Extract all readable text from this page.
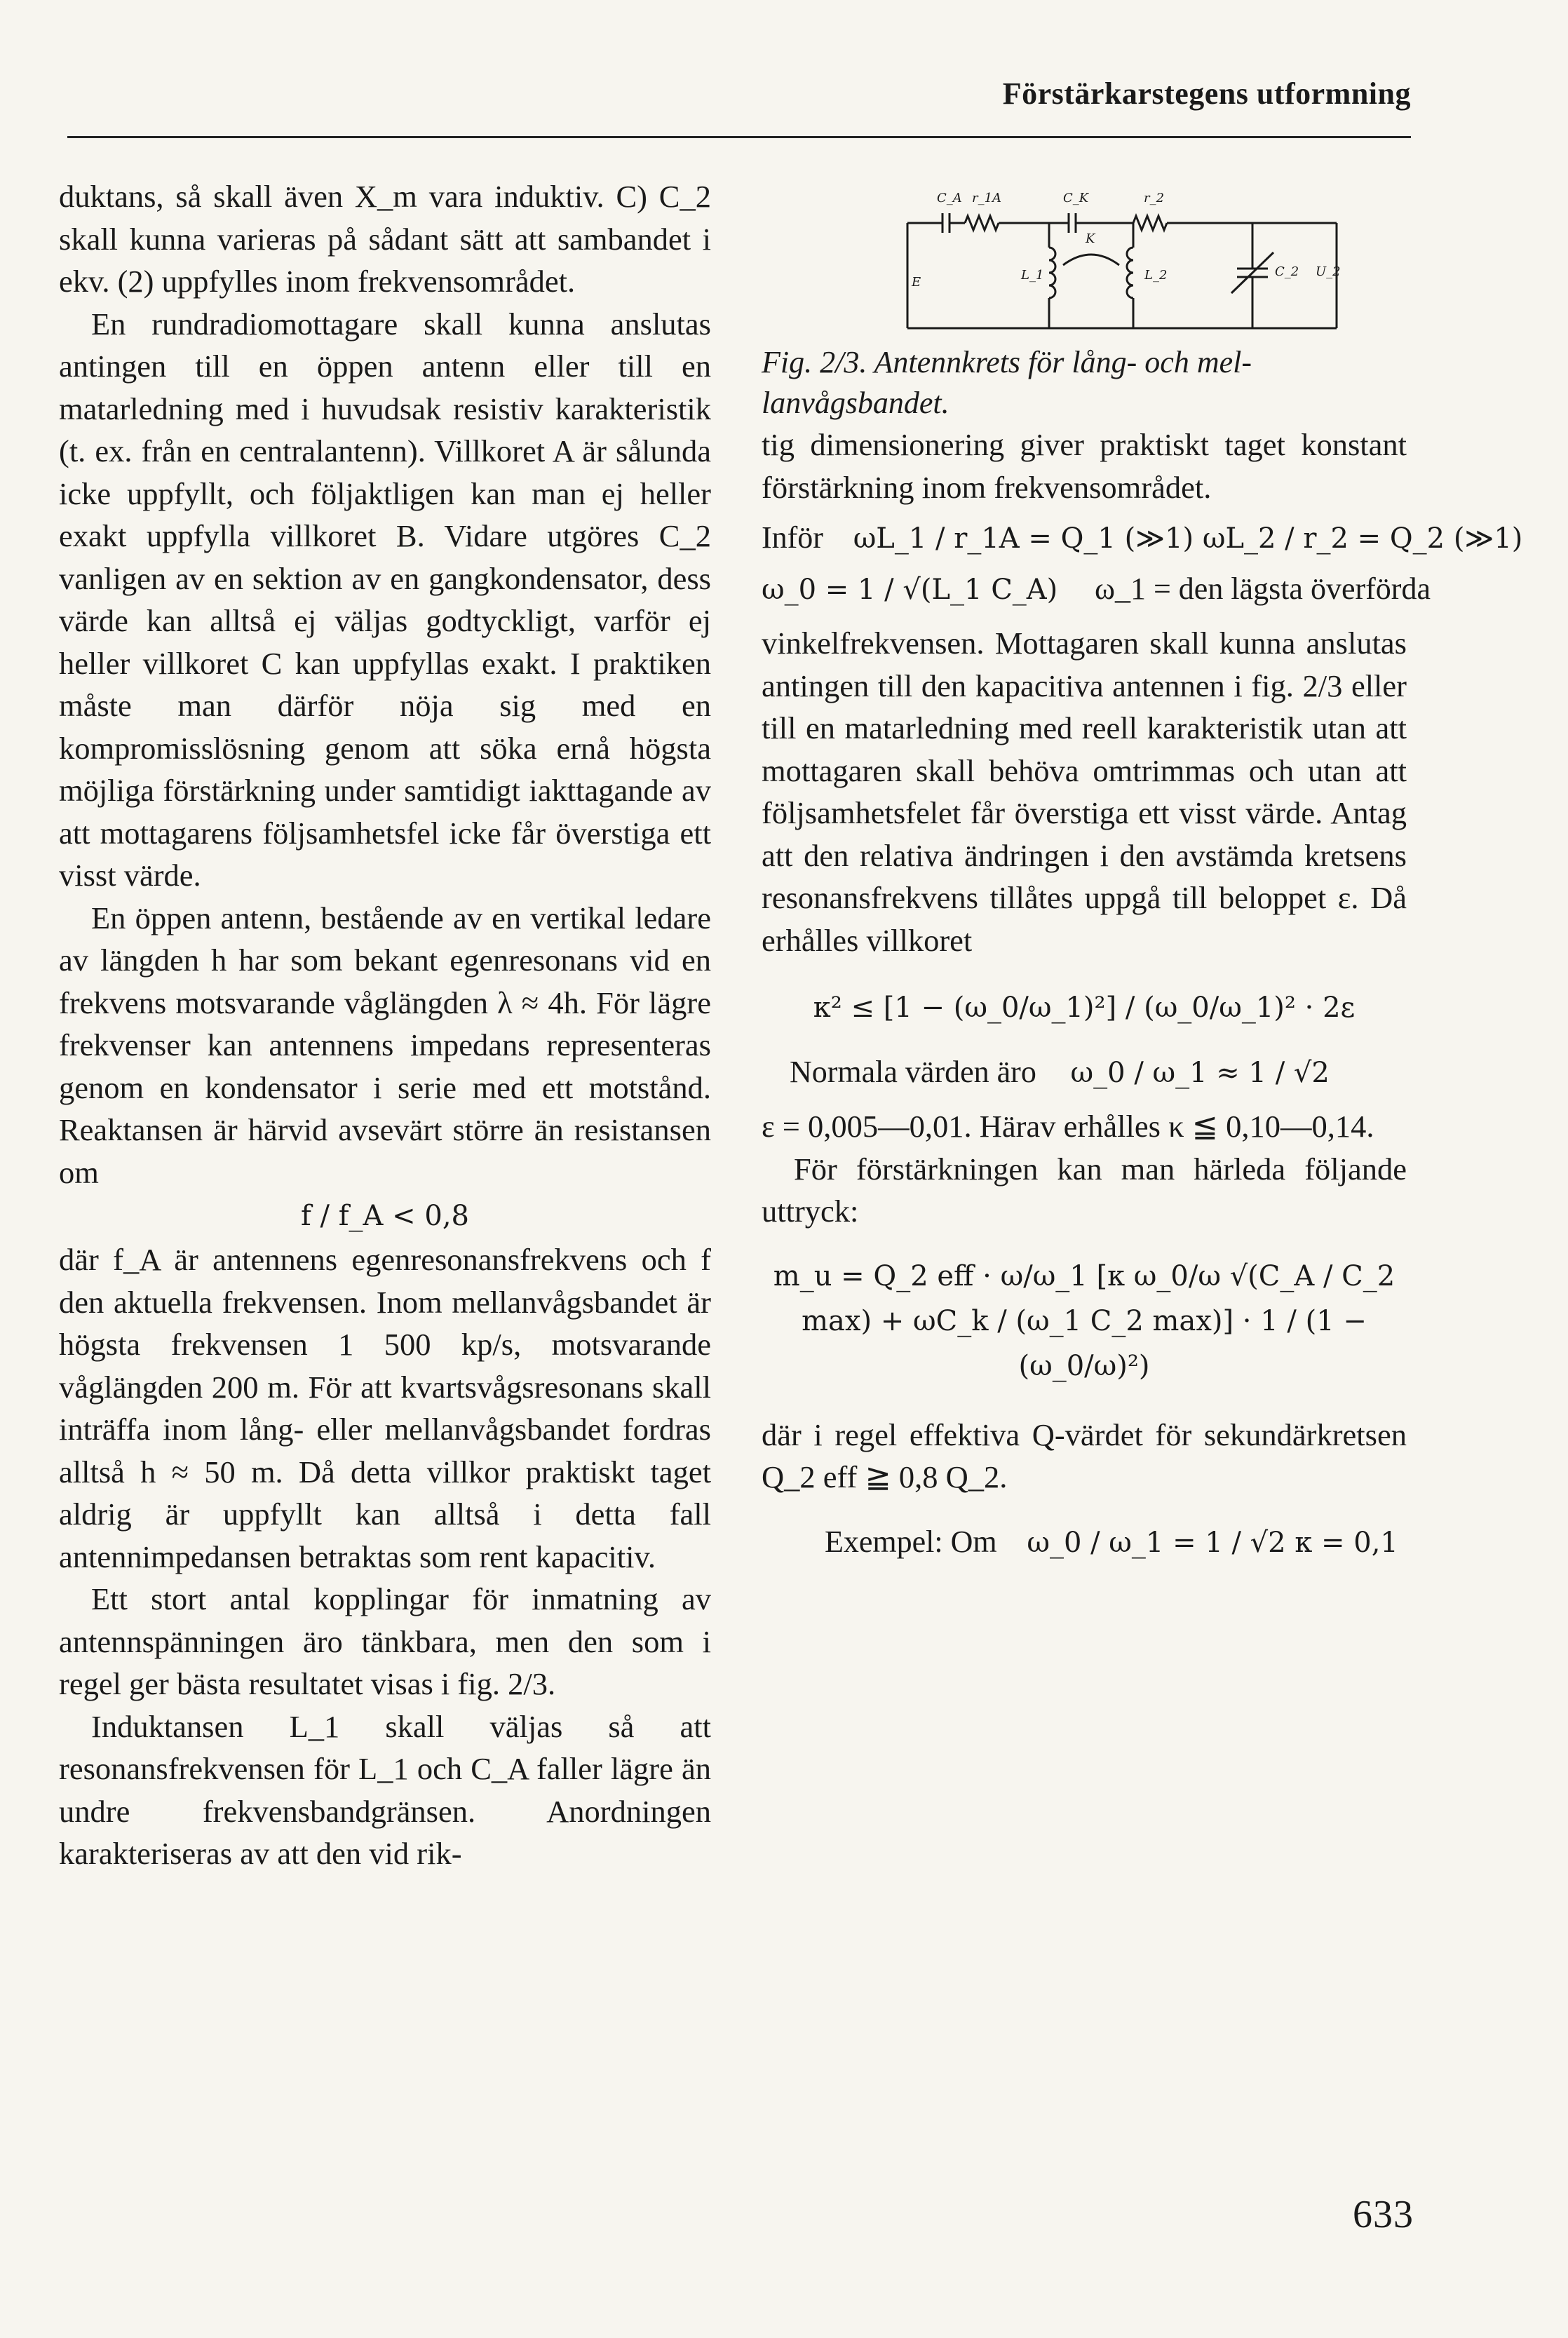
Förstärkarstegens utformning

duktans, så skall även X_m vara induktiv. C) C_2 skall kunna varieras på sådant sätt att sambandet i ekv. (2) uppfylles inom frekvensområdet.

En rundradiomottagare skall kunna anslutas antingen till en öppen antenn eller till en matarledning med i huvudsak resistiv karakteristik (t. ex. från en centralantenn). Villkoret A är sålunda icke uppfyllt, och följaktligen kan man ej heller exakt uppfylla villkoret B. Vidare utgöres C_2 vanligen av en sektion av en gangkondensator, dess värde kan alltså ej väljas godtyckligt, varför ej heller villkoret C kan uppfyllas exakt. I praktiken måste man därför nöja sig med en kompromisslösning genom att söka ernå högsta möjliga förstärkning under samtidigt iakttagande av att mottagarens följsamhetsfel icke får överstiga ett visst värde.

En öppen antenn, bestående av en vertikal ledare av längden h har som bekant egenresonans vid en frekvens motsvarande våglängden λ ≈ 4h. För lägre frekvenser kan antennens impedans representeras genom en kondensator i serie med ett motstånd. Reaktansen är härvid avsevärt större än resistansen om

f / f_A < 0,8

där f_A är antennens egenresonansfrekvens och f den aktuella frekvensen. Inom mellanvågsbandet är högsta frekvensen 1 500 kp/s, motsvarande våglängden 200 m. För att kvartsvågsresonans skall inträffa inom lång- eller mellanvågsbandet fordras alltså h ≈ 50 m. Då detta villkor praktiskt taget aldrig är uppfyllt kan alltså i detta fall antennimpedansen betraktas som rent kapacitiv.

Ett stort antal kopplingar för inmatning av antennspänningen äro tänkbara, men den som i regel ger bästa resultatet visas i fig. 2/3.

Induktansen L_1 skall väljas så att resonansfrekvensen för L_1 och C_A faller lägre än undre frekvensbandgränsen. Anordningen karakteriseras av att den vid rik-

C_A r_1A	C_K	r_2
E	L_1
K
L_2	C_2 U_2

Fig. 2/3. Antennkrets för lång- och mel- lanvågsbandet.

tig dimensionering giver praktiskt taget konstant förstärkning inom frekvensområdet.

Inför ωL_1 / r_1A = Q_1 (≫1) ωL_2 / r_2 = Q_2 (≫1)
ω_0 = 1 / √(L_1 C_A) ω_1 = den lägsta överförda

vinkelfrekvensen. Mottagaren skall kunna anslutas antingen till den kapacitiva antennen i fig. 2/3 eller till en matarledning med reell karakteristik utan att mottagaren skall behöva omtrimmas och utan att följsamhetsfelet får överstiga ett visst värde. Antag att den relativa ändringen i den avstämda kretsens resonansfrekvens tillåtes uppgå till beloppet ε. Då erhålles villkoret

κ² ≤ [1 − (ω_0/ω_1)²] / (ω_0/ω_1)² · 2ε
Normala värden äro ω_0 / ω_1 ≈ 1 / √2

ε = 0,005—0,01. Härav erhålles κ ≦ 0,10—0,14.

För förstärkningen kan man härleda följande uttryck:

m_u = Q_2 eff · ω/ω_1 [κ ω_0/ω √(C_A / C_2 max) + ωC_k / (ω_1 C_2 max)] · 1 / (1 − (ω_0/ω)²)

där i regel effektiva Q-värdet för sekundärkretsen Q_2 eff ≧ 0,8 Q_2.

Exempel: Om ω_0 / ω_1 = 1 / √2 κ = 0,1
633
